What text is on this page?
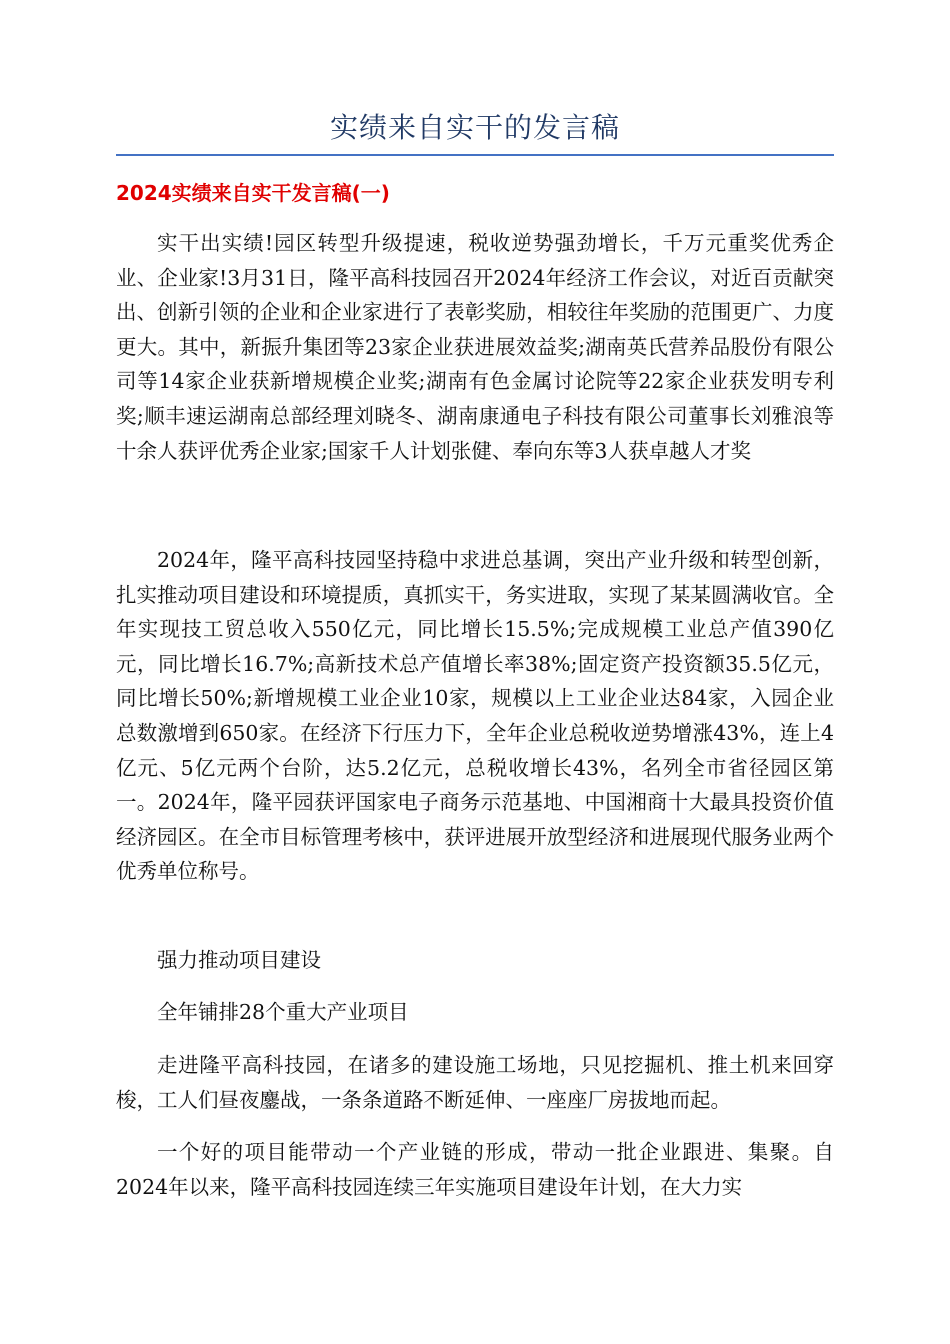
实绩来自实干的发言稿
2024实绩来自实干发言稿(一)

实干出实绩!园区转型升级提速，税收逆势强劲增长，千万元重奖优秀企业、企业家!3月31日，隆平高科技园召开2024年经济工作会议，对近百贡献突出、创新引领的企业和企业家进行了表彰奖励，相较往年奖励的范围更广、力度更大。其中，新振升集团等23家企业获进展效益奖;湖南英氏营养品股份有限公司等14家企业获新增规模企业奖;湖南有色金属讨论院等22家企业获发明专利奖;顺丰速运湖南总部经理刘晓冬、湖南康通电子科技有限公司董事长刘雅浪等十余人获评优秀企业家;国家千人计划张健、奉向东等3人获卓越人才奖

2024年，隆平高科技园坚持稳中求进总基调，突出产业升级和转型创新，扎实推动项目建设和环境提质，真抓实干，务实进取，实现了某某圆满收官。全年实现技工贸总收入550亿元，同比增长15.5%;完成规模工业总产值390亿元，同比增长16.7%;高新技术总产值增长率38%;固定资产投资额35.5亿元，同比增长50%;新增规模工业企业10家，规模以上工业企业达84家，入园企业总数激增到650家。在经济下行压力下，全年企业总税收逆势增涨43%，连上4亿元、5亿元两个台阶，达5.2亿元，总税收增长43%，名列全市省径园区第一。2024年，隆平园获评国家电子商务示范基地、中国湘商十大最具投资价值经济园区。在全市目标管理考核中，获评进展开放型经济和进展现代服务业两个优秀单位称号。

强力推动项目建设

全年铺排28个重大产业项目

走进隆平高科技园，在诸多的建设施工场地，只见挖掘机、推土机来回穿梭，工人们昼夜鏖战，一条条道路不断延伸、一座座厂房拔地而起。

一个好的项目能带动一个产业链的形成，带动一批企业跟进、集聚。自2024年以来，隆平高科技园连续三年实施项目建设年计划，在大力实
